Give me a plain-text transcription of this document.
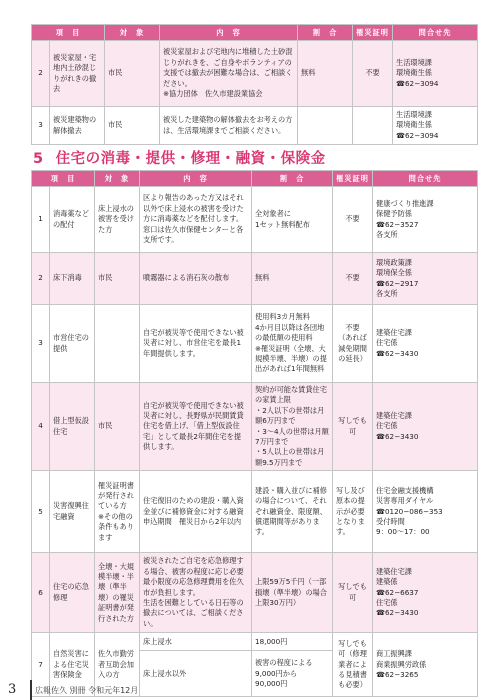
項　目		対　象	内　容	割　合	罹災証明	問合せ先
2	被災家屋・宅地内土砂混じりがれきの撤去	市民	被災家屋および宅地内に堆積した土砂混じりがれきを、ご自身やボランティアの支援では撤去が困難な場合は、ご相談ください。
※協力団体　佐久市建設業協会	無料	不要	生活環境課
環境衛生係
☎62−3094
3	被災建築物の解体撤去	市民	被災した建築物の解体撤去をお考えの方は、生活環境課までご相談ください。			生活環境課
環境衛生係
☎62−3094
5 住宅の消毒・提供・修理・融資・保険金
項　目		対　象	内　容	割　合	罹災証明	問合せ先
1	消毒薬などの配付	床上浸水の被害を受けた方	区より報告のあった方又はそれ以外で床上浸水の被害を受けた方に消毒薬などを配付します。窓口は佐久市保健センターと各支所です。	全対象者に
1セット無料配布	不要	健康づくり推進課
保健予防係
☎62−3527
各支所
2	床下消毒	市民	噴霧器による消石灰の散布	無料	不要	環境政策課
環境保全係
☎62−2917
各支所
3	市営住宅の提供		自宅が被災等で使用できない被災者に対し、市営住宅を最長1年間提供します。	使用料3カ月無料
4か月目以降は各団地の最低額の使用料
※罹災証明（全壊、大規模半壊、半壊）の提出があれば1年間無料	不要
（あれば減免期間の延長）	建築住宅課
住宅係
☎62−3430
4	借上型仮設住宅	市民	自宅が被災等で使用できない被災者に対し、長野県が民間賃貸住宅を借上げ、「借上型仮設住宅」として最長2年間住宅を提供します。	契約が可能な賃貸住宅の家賃上限
・2人以下の世帯は月額6万円まで
・3〜4人の世帯は月額7万円まで
・5人以上の世帯は月額9.5万円まで	写しでも可	建築住宅課
住宅係
☎62−3430
5	災害復興住宅融資	罹災証明書が発行されている方
※その他の条件もあります	住宅復旧のための建設・購入資金並びに補修資金に対する融資
申込期間　罹災日から2年以内	建設・購入並びに補修の場合について、それぞれ融資金、限度額、償還期間等があります。	写し及び原本の提示が必要となります。	住宅金融支援機構
災害専用ダイヤル
☎0120−086−353
受付時間
9：00〜17：00
6	住宅の応急修理	全壊・大規模半壊・半壊（準半壊）の罹災証明書が発行された方	被災されたご自宅を応急修理する場合、被害の程度に応じ必要最小限度の応急修理費用を佐久市が負担します。
生活を困難としている日石等の撤去については、ご相談ください。	上限59万5千円（一部損壊（準半壊）の場合上限30万円）	写しでも可	建築住宅課
建築係
☎62−6637
住宅係
☎62−3430
7	自然災害による住宅災害保険金	佐久市勤労者互助会加入の方	床上浸水	18,000円	写しでも可（修理業者による見積書も必要）	商工振興課
商業振興労政係
☎62−3265
			床上浸水以外	被害の程度による
9,000円から
90,000円		
3 広報佐久 別冊 令和元年12月
